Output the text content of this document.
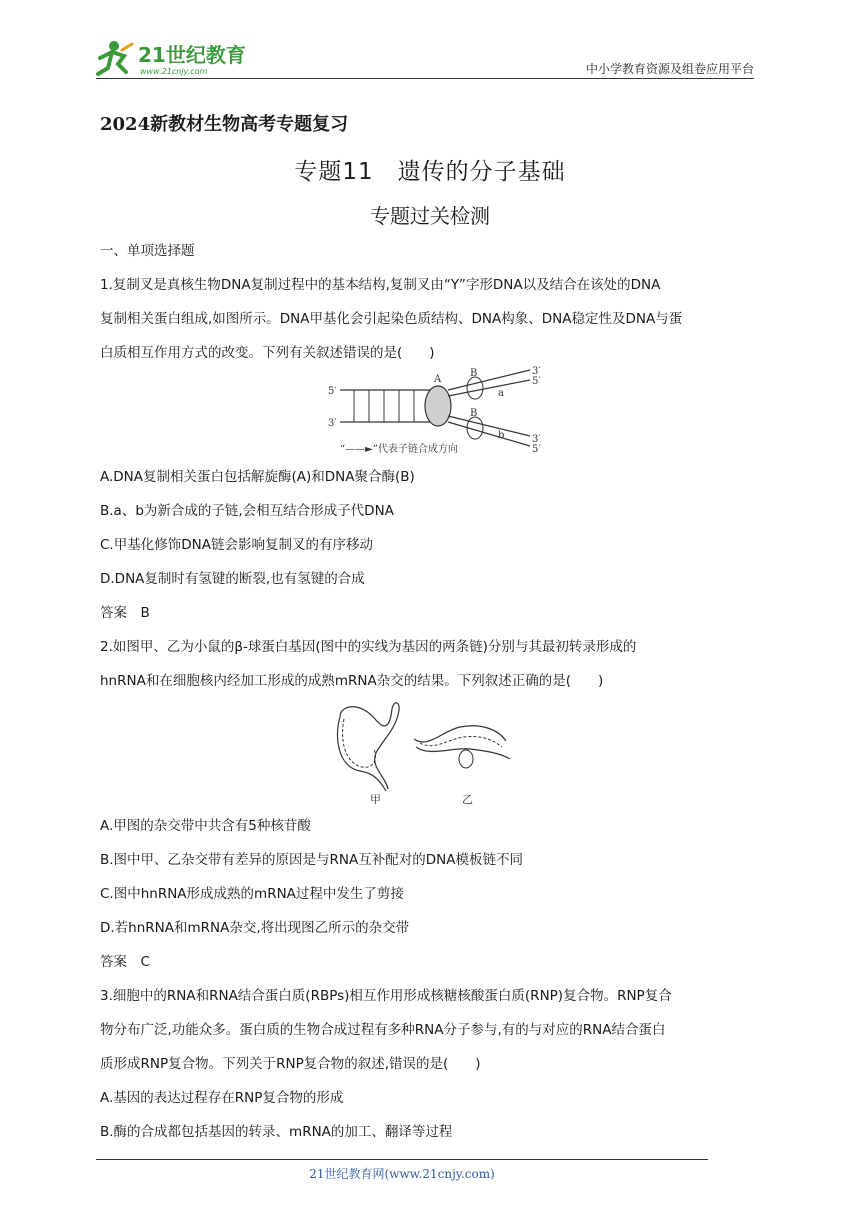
21世纪教育
www.21cnjy.com	中小学教育资源及组卷应用平台
2024新教材生物高考专题复习
专题11　遗传的分子基础
专题过关检测
一、单项选择题
1.复制叉是真核生物DNA复制过程中的基本结构,复制叉由“Y”字形DNA以及结合在该处的DNA
复制相关蛋白组成,如图所示。DNA甲基化会引起染色质结构、DNA构象、DNA稳定性及DNA与蛋
白质相互作用方式的改变。下列有关叙述错误的是(　　)
5′
3′
A
B
B
a
b
3′
5′
3′
5′
“——►”代表子链合成方向
A.DNA复制相关蛋白包括解旋酶(A)和DNA聚合酶(B)
B.a、b为新合成的子链,会相互结合形成子代DNA
C.甲基化修饰DNA链会影响复制叉的有序移动
D.DNA复制时有氢键的断裂,也有氢键的合成
答案　B
2.如图甲、乙为小鼠的β-球蛋白基因(图中的实线为基因的两条链)分别与其最初转录形成的
hnRNA和在细胞核内经加工形成的成熟mRNA杂交的结果。下列叙述正确的是(　　)
甲	乙
A.甲图的杂交带中共含有5种核苷酸
B.图中甲、乙杂交带有差异的原因是与RNA互补配对的DNA模板链不同
C.图中hnRNA形成成熟的mRNA过程中发生了剪接
D.若hnRNA和mRNA杂交,将出现图乙所示的杂交带
答案　C
3.细胞中的RNA和RNA结合蛋白质(RBPs)相互作用形成核糖核酸蛋白质(RNP)复合物。RNP复合
物分布广泛,功能众多。蛋白质的生物合成过程有多种RNA分子参与,有的与对应的RNA结合蛋白
质形成RNP复合物。下列关于RNP复合物的叙述,错误的是(　　)
A.基因的表达过程存在RNP复合物的形成
B.酶的合成都包括基因的转录、mRNA的加工、翻译等过程
21世纪教育网(www.21cnjy.com)
